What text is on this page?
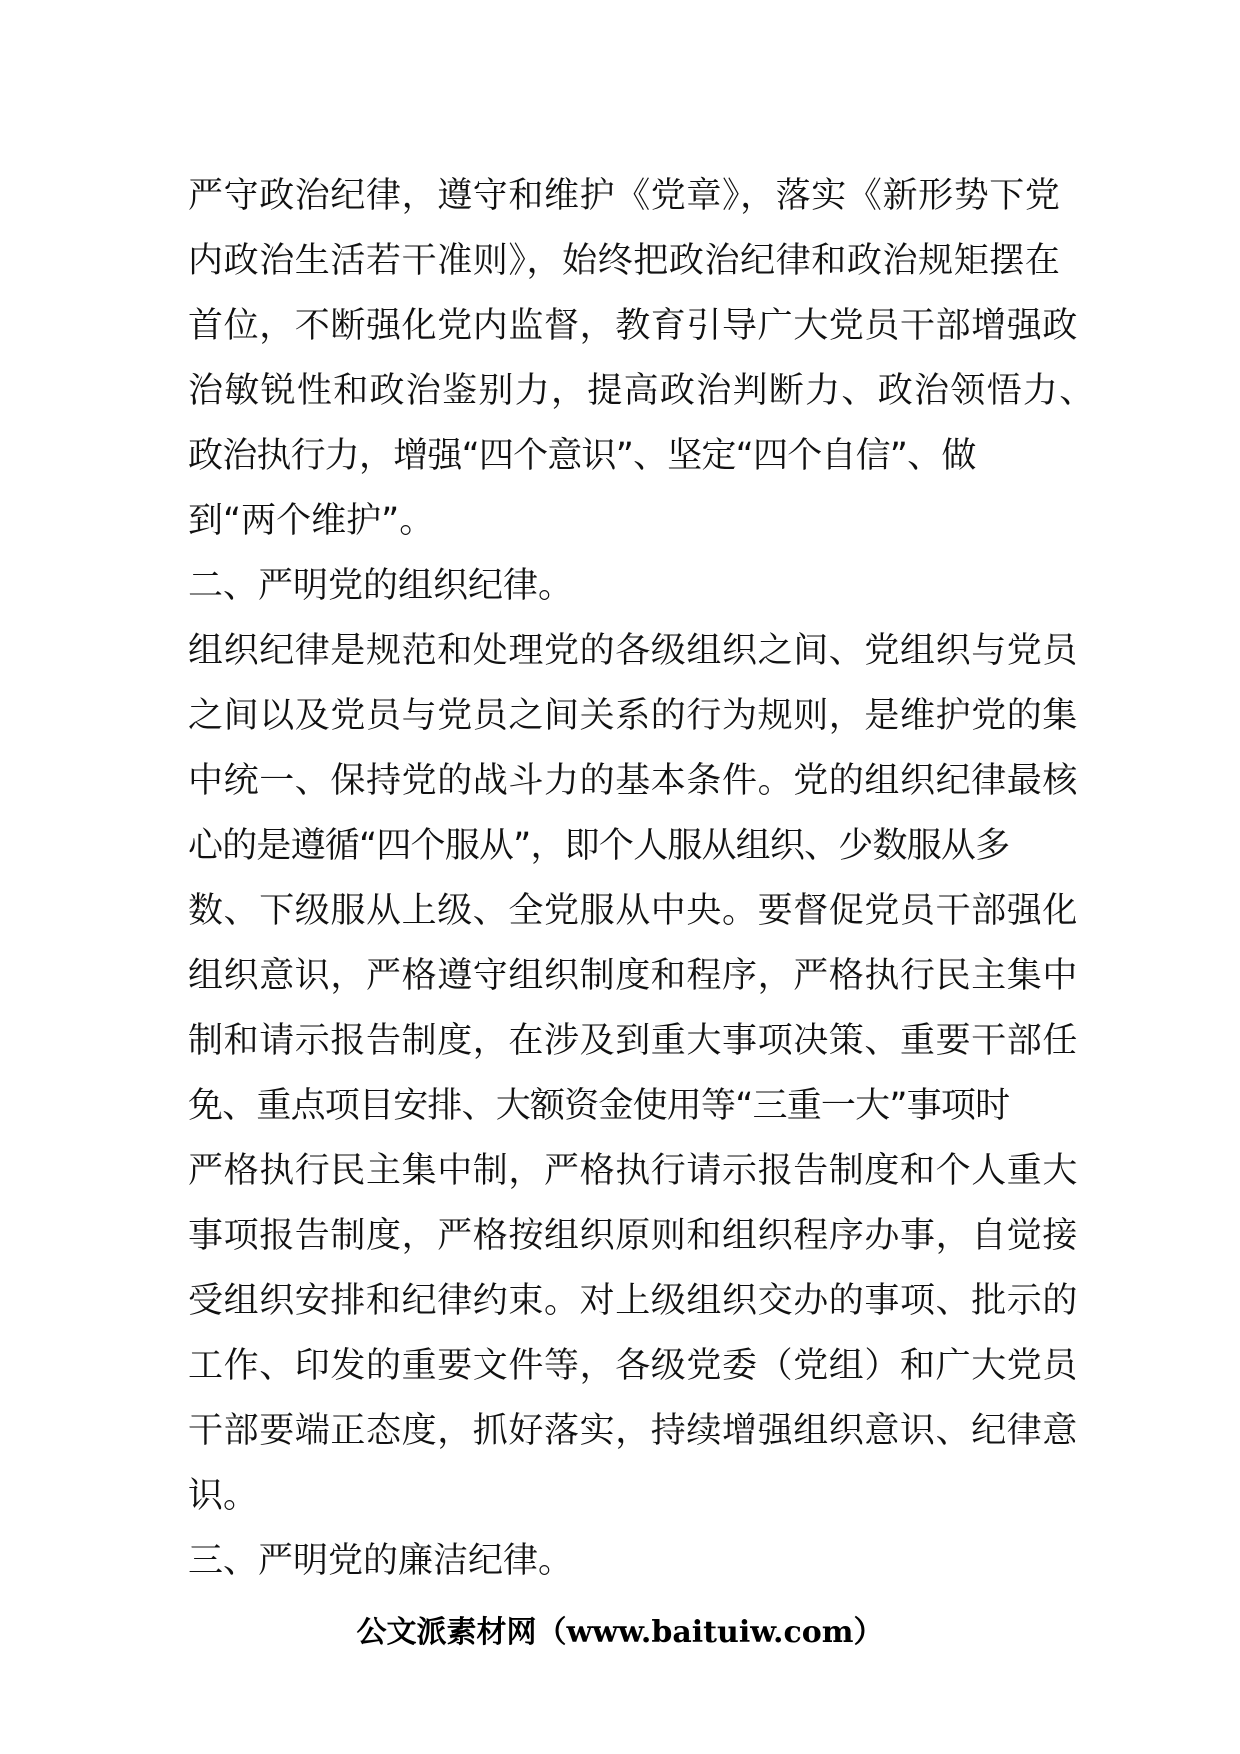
严守政治纪律，遵守和维护《党章》，落实《新形势下党
内政治生活若干准则》，始终把政治纪律和政治规矩摆在
首位，不断强化党内监督，教育引导广大党员干部增强政
治敏锐性和政治鉴别力，提高政治判断力、政治领悟力、
政治执行力，增强“四个意识”、坚定“四个自信”、做
到“两个维护”。
二、严明党的组织纪律。
组织纪律是规范和处理党的各级组织之间、党组织与党员
之间以及党员与党员之间关系的行为规则，是维护党的集
中统一、保持党的战斗力的基本条件。党的组织纪律最核
心的是遵循“四个服从”，即个人服从组织、少数服从多
数、下级服从上级、全党服从中央。要督促党员干部强化
组织意识，严格遵守组织制度和程序，严格执行民主集中
制和请示报告制度，在涉及到重大事项决策、重要干部任
免、重点项目安排、大额资金使用等“三重一大”事项时
严格执行民主集中制，严格执行请示报告制度和个人重大
事项报告制度，严格按组织原则和组织程序办事，自觉接
受组织安排和纪律约束。对上级组织交办的事项、批示的
工作、印发的重要文件等，各级党委（党组）和广大党员
干部要端正态度，抓好落实，持续增强组织意识、纪律意
识。
三、严明党的廉洁纪律。
公文派素材网（www.baituiw.com）
